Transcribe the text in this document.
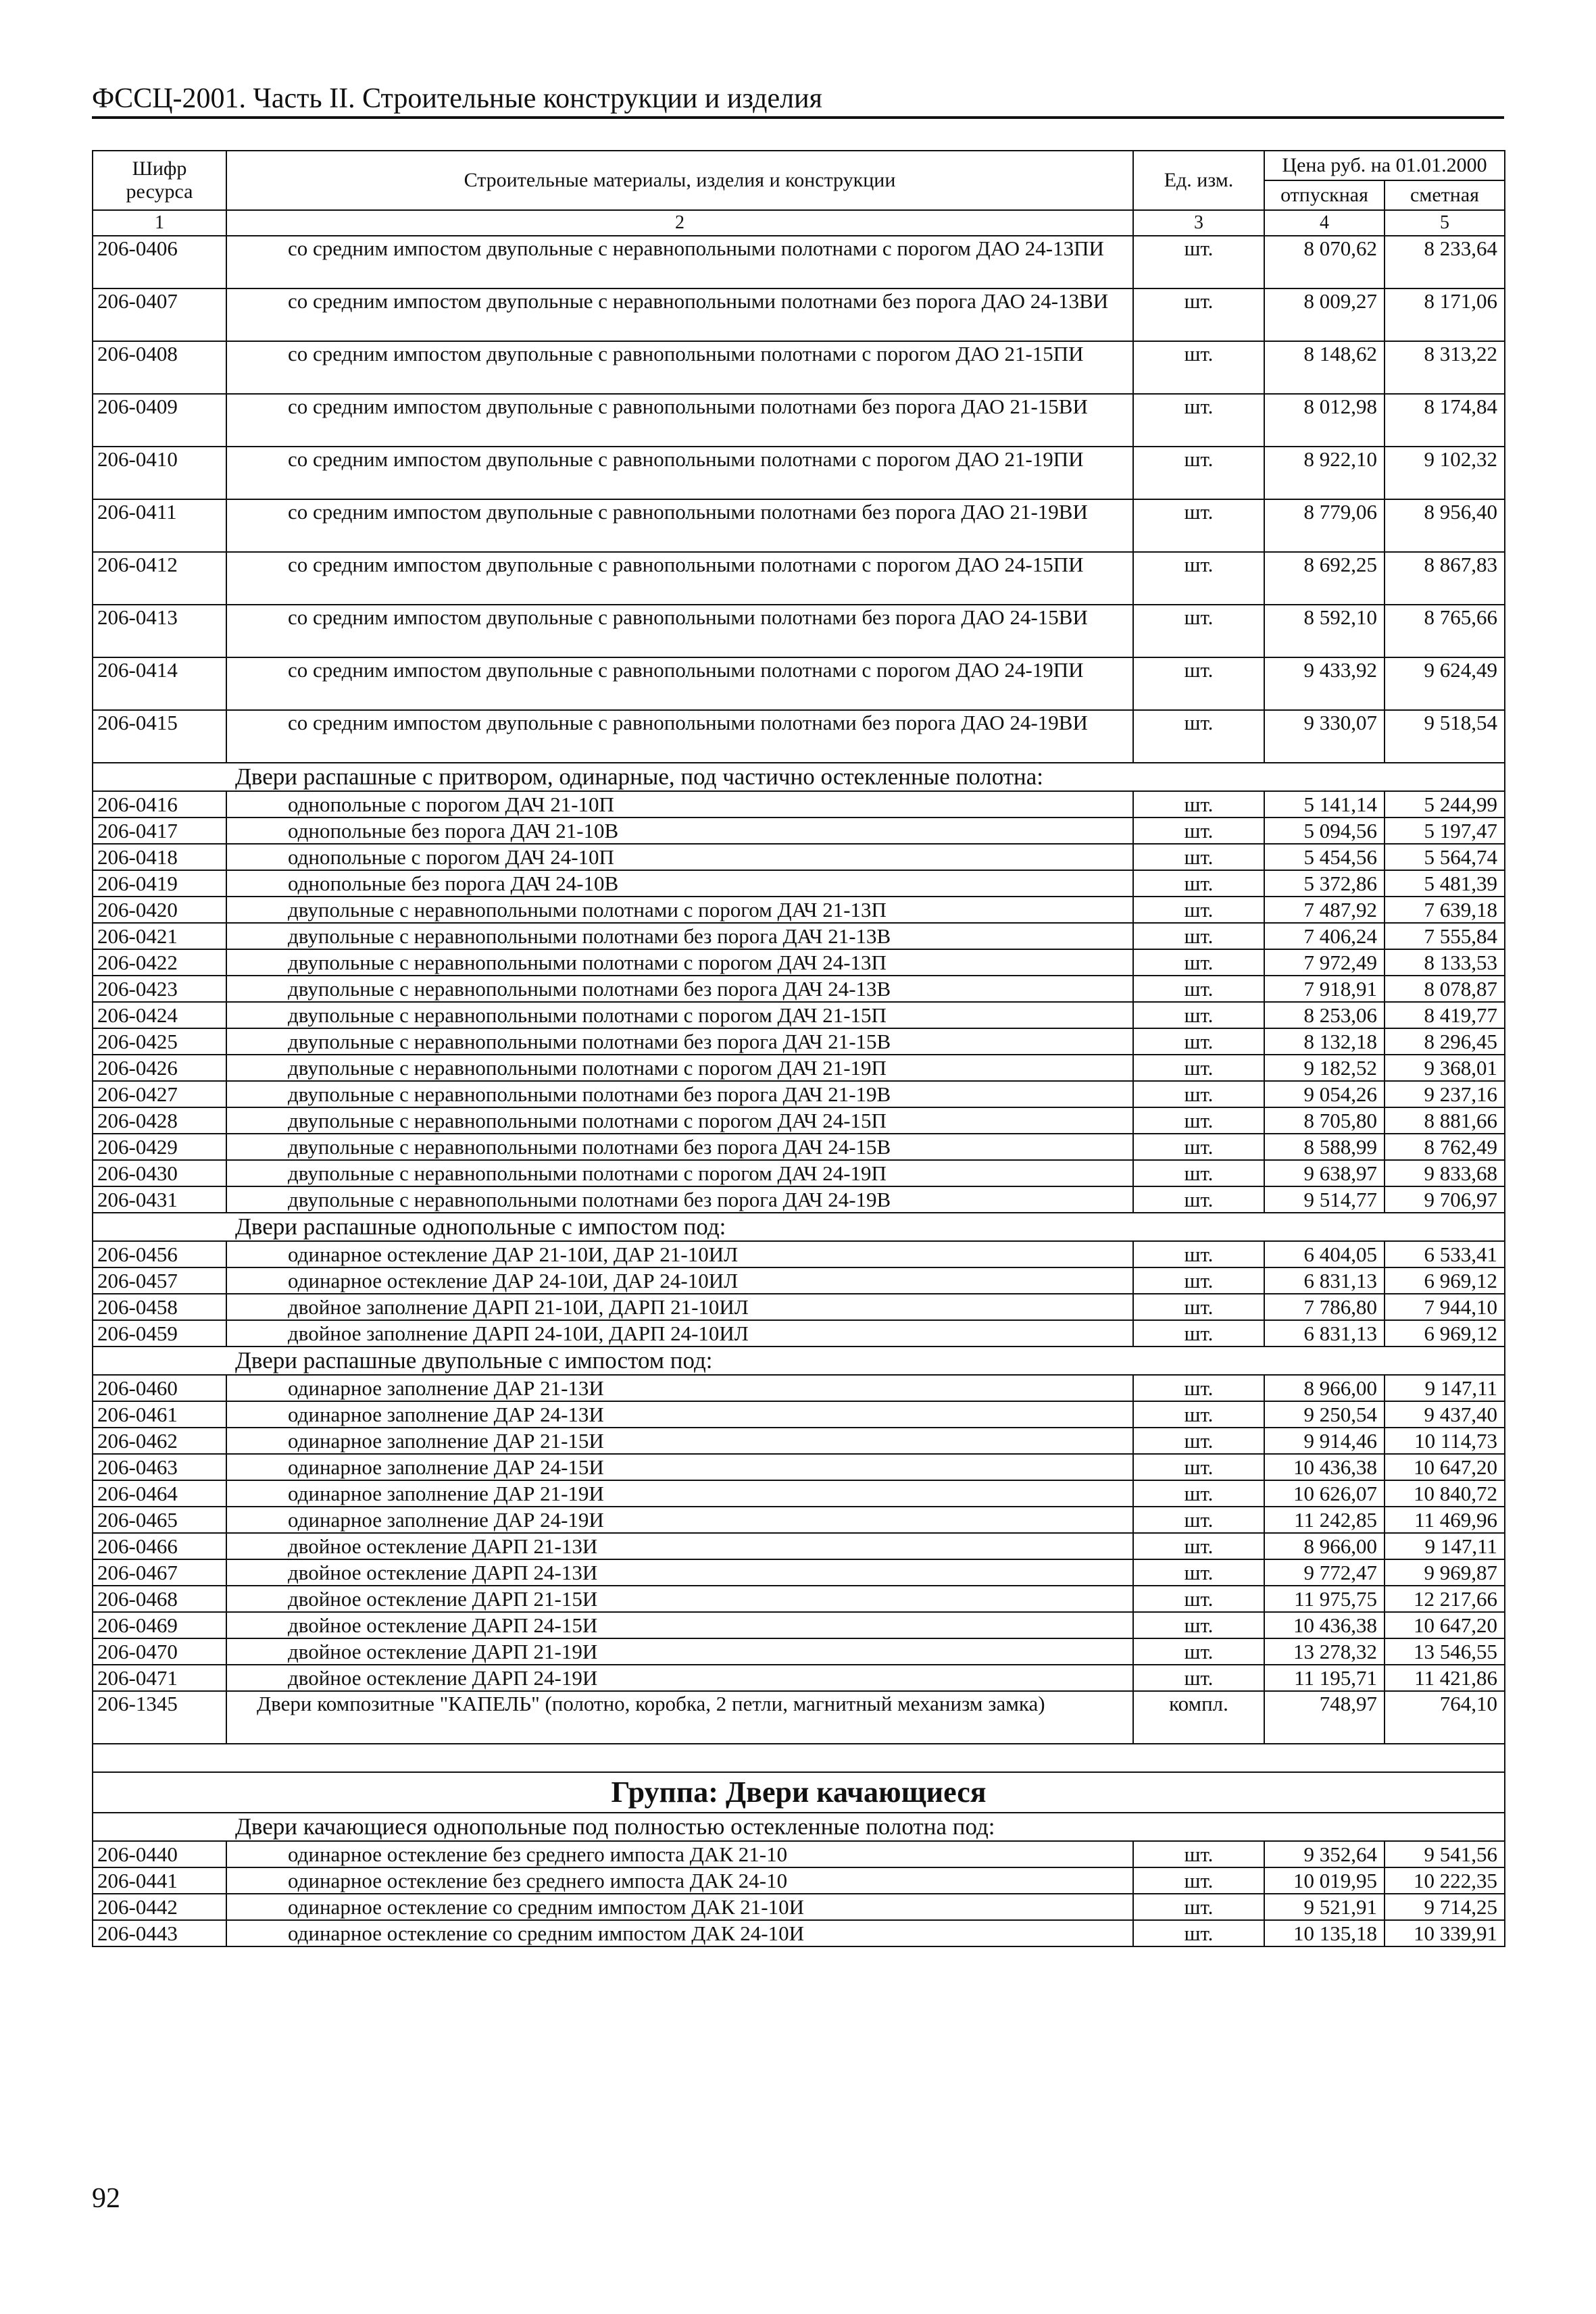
ФССЦ-2001. Часть II. Строительные конструкции и изделия
Шифр ресурса	Строительные материалы, изделия и конструкции	Ед. изм.	Цена руб. на 01.01.2000	
			отпускная	сметная
1	2	3	4	5
206-0406	со средним импостом двупольные с неравнопольными полотнами с порогом ДАО 24-13ПИ	шт.	8 070,62	8 233,64
206-0407	со средним импостом двупольные с неравнопольными полотнами без порога ДАО 24-13ВИ	шт.	8 009,27	8 171,06
206-0408	со средним импостом двупольные с равнопольными полотнами с порогом ДАО 21-15ПИ	шт.	8 148,62	8 313,22
206-0409	со средним импостом двупольные с равнопольными полотнами без порога ДАО 21-15ВИ	шт.	8 012,98	8 174,84
206-0410	со средним импостом двупольные с равнопольными полотнами с порогом ДАО 21-19ПИ	шт.	8 922,10	9 102,32
206-0411	со средним импостом двупольные с равнопольными полотнами без порога ДАО 21-19ВИ	шт.	8 779,06	8 956,40
206-0412	со средним импостом двупольные с равнопольными полотнами с порогом ДАО 24-15ПИ	шт.	8 692,25	8 867,83
206-0413	со средним импостом двупольные с равнопольными полотнами без порога ДАО 24-15ВИ	шт.	8 592,10	8 765,66
206-0414	со средним импостом двупольные с равнопольными полотнами с порогом ДАО 24-19ПИ	шт.	9 433,92	9 624,49
206-0415	со средним импостом двупольные с равнопольными полотнами без порога ДАО 24-19ВИ	шт.	9 330,07	9 518,54
Двери распашные с притвором, одинарные, под частично остекленные полотна:				
206-0416	однопольные с порогом ДАЧ 21-10П	шт.	5 141,14	5 244,99
206-0417	однопольные без порога ДАЧ 21-10В	шт.	5 094,56	5 197,47
206-0418	однопольные с порогом ДАЧ 24-10П	шт.	5 454,56	5 564,74
206-0419	однопольные без порога ДАЧ 24-10В	шт.	5 372,86	5 481,39
206-0420	двупольные с неравнопольными полотнами с порогом ДАЧ 21-13П	шт.	7 487,92	7 639,18
206-0421	двупольные с неравнопольными полотнами без порога ДАЧ 21-13В	шт.	7 406,24	7 555,84
206-0422	двупольные с неравнопольными полотнами с порогом ДАЧ 24-13П	шт.	7 972,49	8 133,53
206-0423	двупольные с неравнопольными полотнами без порога ДАЧ 24-13В	шт.	7 918,91	8 078,87
206-0424	двупольные с неравнопольными полотнами с порогом ДАЧ 21-15П	шт.	8 253,06	8 419,77
206-0425	двупольные с неравнопольными полотнами без порога ДАЧ 21-15В	шт.	8 132,18	8 296,45
206-0426	двупольные с неравнопольными полотнами с порогом ДАЧ 21-19П	шт.	9 182,52	9 368,01
206-0427	двупольные с неравнопольными полотнами без порога ДАЧ 21-19В	шт.	9 054,26	9 237,16
206-0428	двупольные с неравнопольными полотнами с порогом ДАЧ 24-15П	шт.	8 705,80	8 881,66
206-0429	двупольные с неравнопольными полотнами без порога ДАЧ 24-15В	шт.	8 588,99	8 762,49
206-0430	двупольные с неравнопольными полотнами с порогом ДАЧ 24-19П	шт.	9 638,97	9 833,68
206-0431	двупольные с неравнопольными полотнами без порога ДАЧ 24-19В	шт.	9 514,77	9 706,97
Двери распашные однопольные с импостом под:				
206-0456	одинарное остекление ДАР 21-10И, ДАР 21-10ИЛ	шт.	6 404,05	6 533,41
206-0457	одинарное остекление ДАР 24-10И, ДАР 24-10ИЛ	шт.	6 831,13	6 969,12
206-0458	двойное заполнение ДАРП 21-10И, ДАРП 21-10ИЛ	шт.	7 786,80	7 944,10
206-0459	двойное заполнение ДАРП 24-10И, ДАРП 24-10ИЛ	шт.	6 831,13	6 969,12
Двери распашные двупольные с импостом под:				
206-0460	одинарное заполнение ДАР 21-13И	шт.	8 966,00	9 147,11
206-0461	одинарное заполнение ДАР 24-13И	шт.	9 250,54	9 437,40
206-0462	одинарное заполнение ДАР 21-15И	шт.	9 914,46	10 114,73
206-0463	одинарное заполнение ДАР 24-15И	шт.	10 436,38	10 647,20
206-0464	одинарное заполнение ДАР 21-19И	шт.	10 626,07	10 840,72
206-0465	одинарное заполнение ДАР 24-19И	шт.	11 242,85	11 469,96
206-0466	двойное остекление ДАРП 21-13И	шт.	8 966,00	9 147,11
206-0467	двойное остекление ДАРП 24-13И	шт.	9 772,47	9 969,87
206-0468	двойное остекление ДАРП 21-15И	шт.	11 975,75	12 217,66
206-0469	двойное остекление ДАРП 24-15И	шт.	10 436,38	10 647,20
206-0470	двойное остекление ДАРП 21-19И	шт.	13 278,32	13 546,55
206-0471	двойное остекление ДАРП 24-19И	шт.	11 195,71	11 421,86
206-1345	Двери композитные "КАПЕЛЬ" (полотно, коробка, 2 петли, магнитный механизм замка)	компл.	748,97	764,10

Группа: Двери качающиеся				
Двери качающиеся однопольные под полностью остекленные полотна под:				
206-0440	одинарное остекление без среднего импоста ДАК 21-10	шт.	9 352,64	9 541,56
206-0441	одинарное остекление без среднего импоста ДАК 24-10	шт.	10 019,95	10 222,35
206-0442	одинарное остекление со средним импостом ДАК 21-10И	шт.	9 521,91	9 714,25
206-0443	одинарное остекление со средним импостом ДАК 24-10И	шт.	10 135,18	10 339,91
92
